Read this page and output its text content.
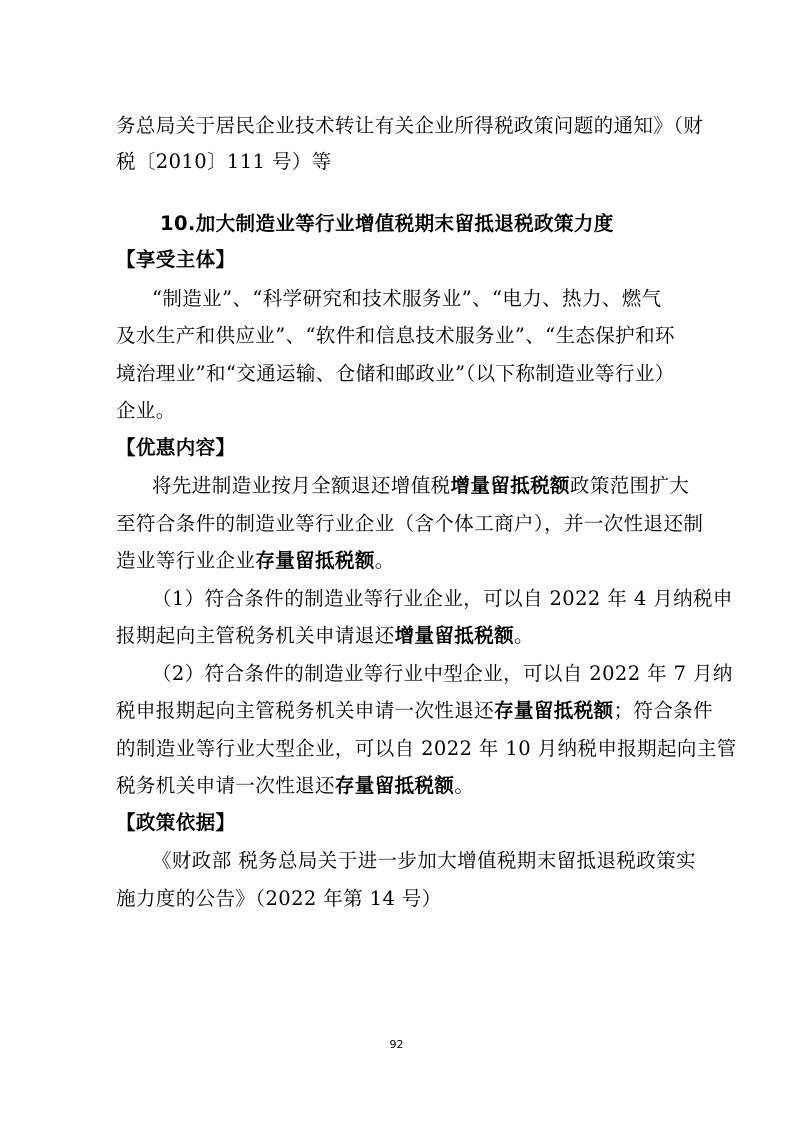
务总局关于居民企业技术转让有关企业所得税政策问题的通知》（财
税〔2010〕111 号）等
10.加大制造业等行业增值税期末留抵退税政策力度
【享受主体】
“制造业”、“科学研究和技术服务业”、“电力、热力、燃气
及水生产和供应业”、“软件和信息技术服务业”、“生态保护和环
境治理业”和“交通运输、仓储和邮政业”（以下称制造业等行业）
企业。
【优惠内容】
将先进制造业按月全额退还增值税增量留抵税额政策范围扩大
至符合条件的制造业等行业企业（含个体工商户），并一次性退还制
造业等行业企业存量留抵税额。
（1）符合条件的制造业等行业企业，可以自 2022 年 4 月纳税申
报期起向主管税务机关申请退还增量留抵税额。
（2）符合条件的制造业等行业中型企业，可以自 2022 年 7 月纳
税申报期起向主管税务机关申请一次性退还存量留抵税额；符合条件
的制造业等行业大型企业，可以自 2022 年 10 月纳税申报期起向主管
税务机关申请一次性退还存量留抵税额。
【政策依据】
《财政部 税务总局关于进一步加大增值税期末留抵退税政策实
施力度的公告》（2022 年第 14 号）
92
